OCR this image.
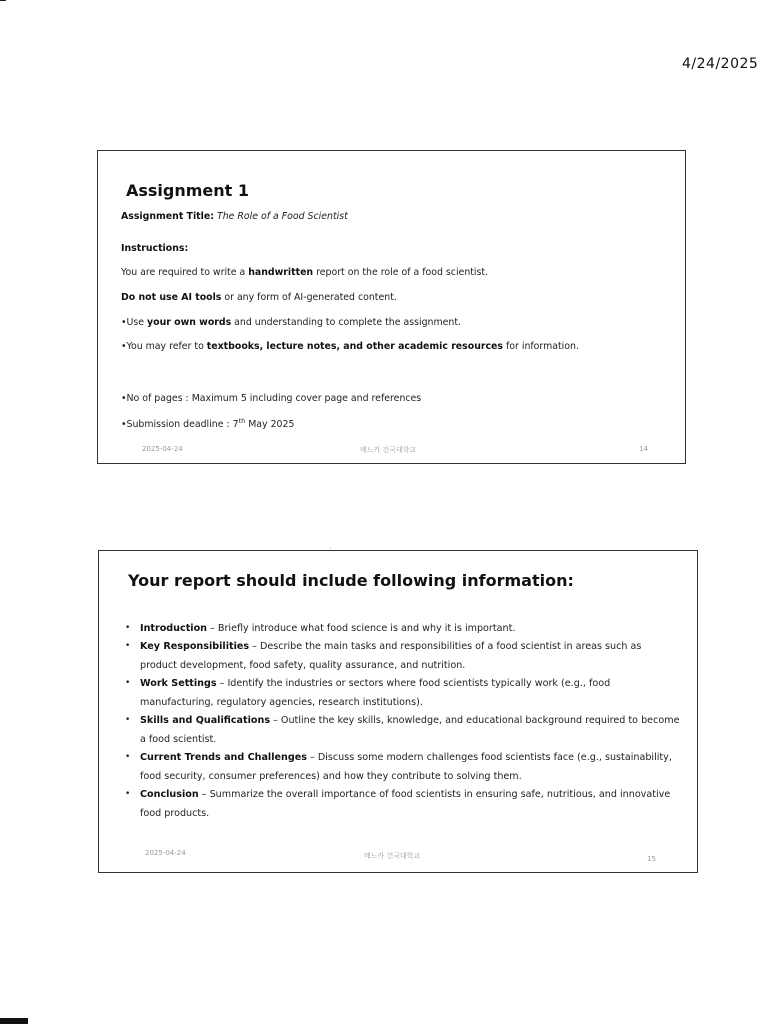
4/24/2025
Assignment 1
Assignment Title: The Role of a Food Scientist
Instructions:
You are required to write a handwritten report on the role of a food scientist.
Do not use AI tools or any form of AI-generated content.
•Use your own words and understanding to complete the assignment.
•You may refer to textbooks, lecture notes, and other academic resources for information.
•No of pages : Maximum 5 including cover page and references
•Submission deadline : 7th May 2025
2025-04-24	메느카 건국대학교	14
Your report should include following information:
• Introduction – Briefly introduce what food science is and why it is important.
• Key Responsibilities – Describe the main tasks and responsibilities of a food scientist in areas such as product development, food safety, quality assurance, and nutrition.
• Work Settings – Identify the industries or sectors where food scientists typically work (e.g., food manufacturing, regulatory agencies, research institutions).
• Skills and Qualifications – Outline the key skills, knowledge, and educational background required to become a food scientist.
• Current Trends and Challenges – Discuss some modern challenges food scientists face (e.g., sustainability, food security, consumer preferences) and how they contribute to solving them.
• Conclusion – Summarize the overall importance of food scientists in ensuring safe, nutritious, and innovative food products.
2025-04-24	메느카 건국대학교	15
